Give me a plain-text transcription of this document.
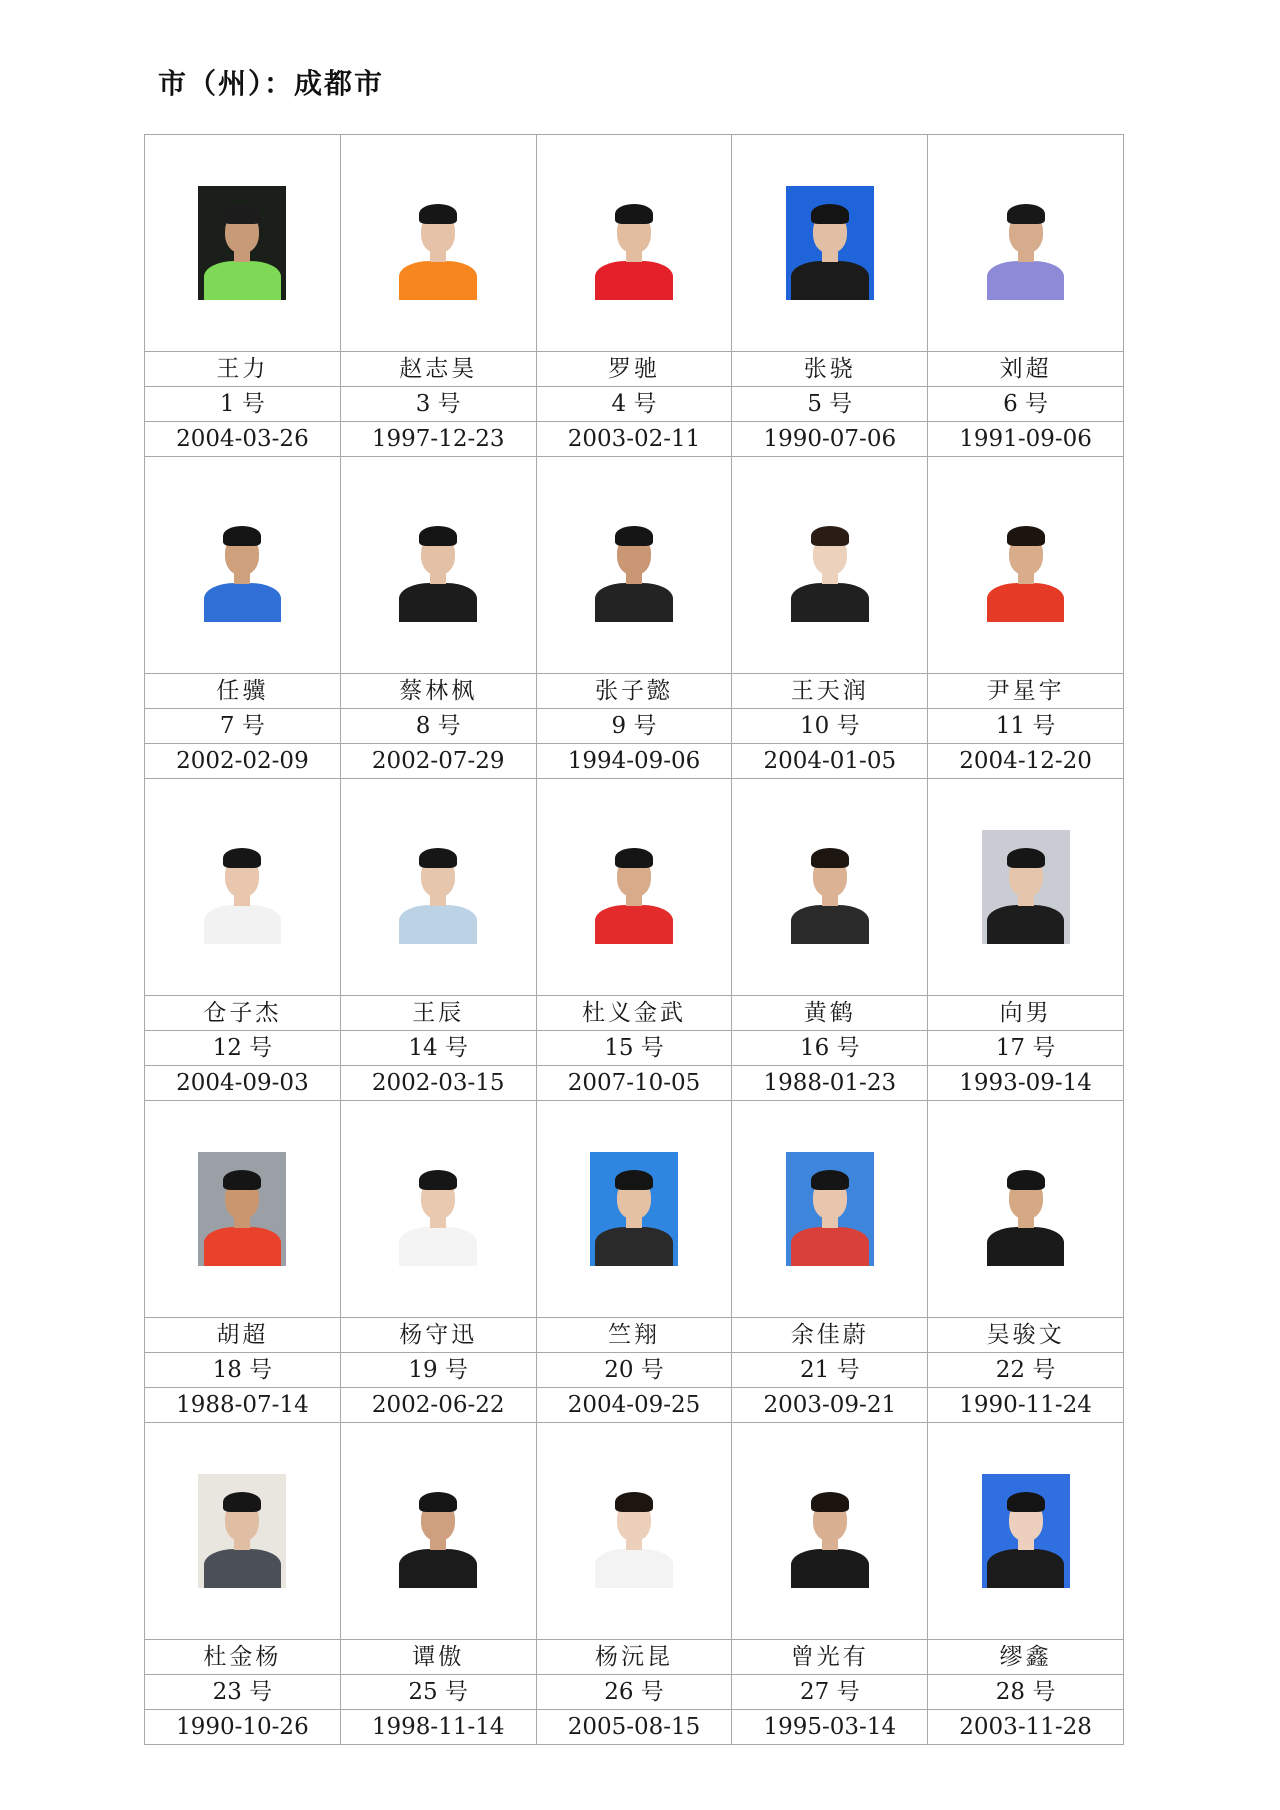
市（州）：成都市

王力	赵志昊	罗驰	张骁	刘超
1 号	3 号	4 号	5 号	6 号
2004-03-26	1997-12-23	2003-02-11	1990-07-06	1991-09-06

任骥	蔡林枫	张子懿	王天润	尹星宇
7 号	8 号	9 号	10 号	11 号
2002-02-09	2002-07-29	1994-09-06	2004-01-05	2004-12-20

仓子杰	王辰	杜义金武	黄鹤	向男
12 号	14 号	15 号	16 号	17 号
2004-09-03	2002-03-15	2007-10-05	1988-01-23	1993-09-14

胡超	杨守迅	竺翔	余佳蔚	吴骏文
18 号	19 号	20 号	21 号	22 号
1988-07-14	2002-06-22	2004-09-25	2003-09-21	1990-11-24

杜金杨	谭傲	杨沅昆	曾光有	缪鑫
23 号	25 号	26 号	27 号	28 号
1990-10-26	1998-11-14	2005-08-15	1995-03-14	2003-11-28
